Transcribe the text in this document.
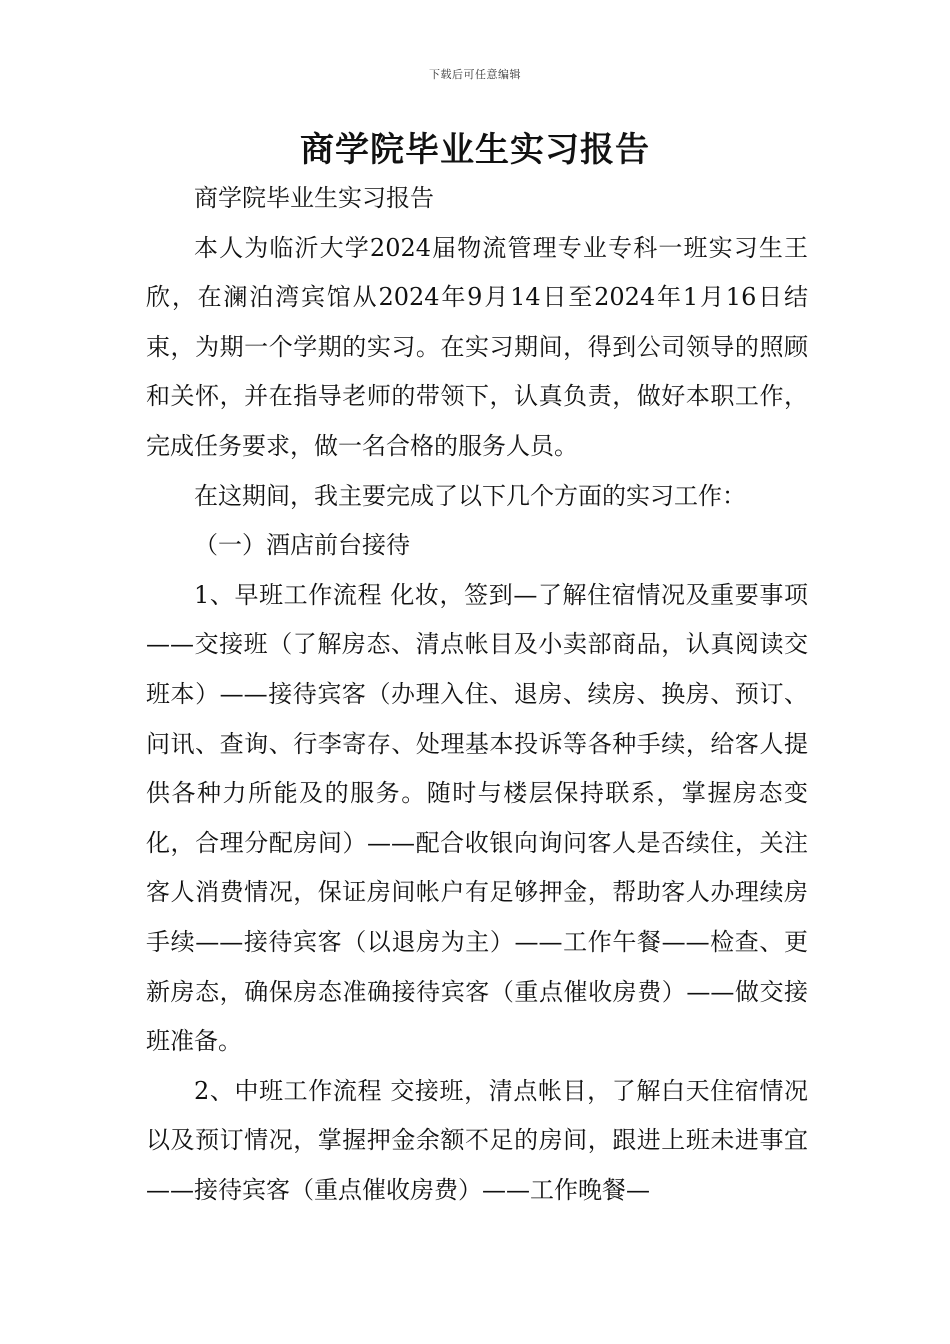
下载后可任意编辑
商学院毕业生实习报告

商学院毕业生实习报告

本人为临沂大学2024届物流管理专业专科一班实习生王欣，在澜泊湾宾馆从2024年9月14日至2024年1月16日结束，为期一个学期的实习。在实习期间，得到公司领导的照顾和关怀，并在指导老师的带领下，认真负责，做好本职工作，完成任务要求，做一名合格的服务人员。

在这期间，我主要完成了以下几个方面的实习工作：

（一）酒店前台接待

1、早班工作流程 化妆，签到—了解住宿情况及重要事项——交接班（了解房态、清点帐目及小卖部商品，认真阅读交班本）——接待宾客（办理入住、退房、续房、换房、预订、问讯、查询、行李寄存、处理基本投诉等各种手续，给客人提供各种力所能及的服务。随时与楼层保持联系，掌握房态变化，合理分配房间）——配合收银向询问客人是否续住，关注客人消费情况，保证房间帐户有足够押金，帮助客人办理续房手续——接待宾客（以退房为主）——工作午餐——检查、更新房态，确保房态准确接待宾客（重点催收房费）——做交接班准备。

2、中班工作流程 交接班，清点帐目，了解白天住宿情况以及预订情况，掌握押金余额不足的房间，跟进上班未进事宜——接待宾客（重点催收房费）——工作晚餐—
